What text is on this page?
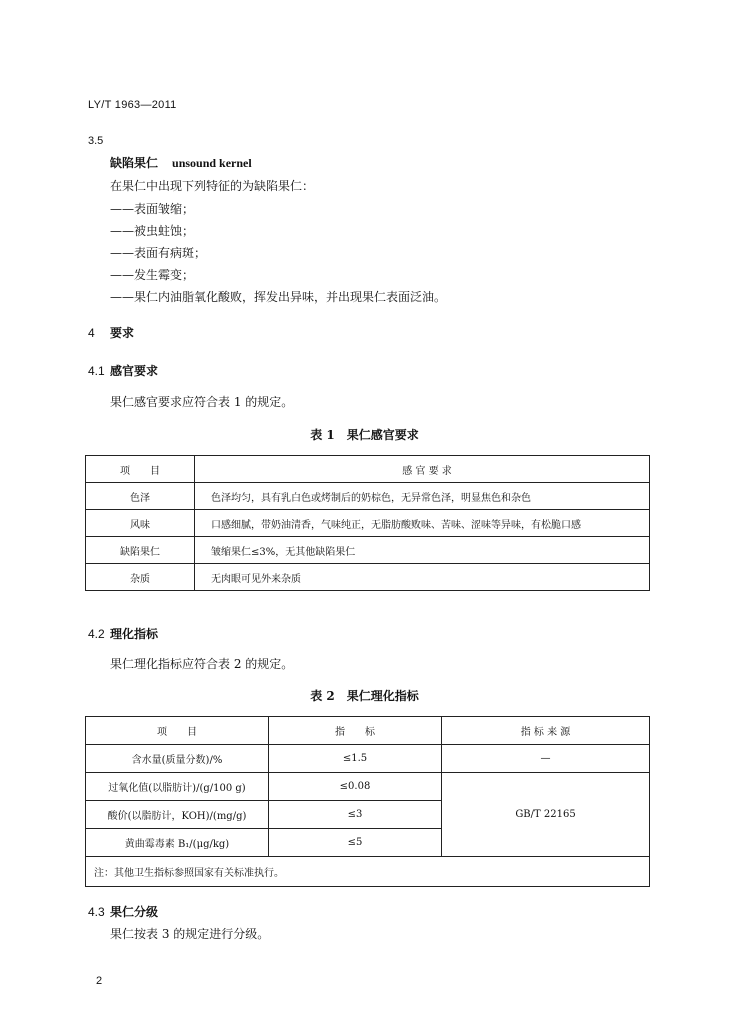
LY/T 1963—2011
3.5
缺陷果仁 unsound kernel
在果仁中出现下列特征的为缺陷果仁：
——表面皱缩；
——被虫蛀蚀；
——表面有病斑；
——发生霉变；
——果仁内油脂氧化酸败，挥发出异味，并出现果仁表面泛油。
4 要求
4.1 感官要求
果仁感官要求应符合表 1 的规定。
表 1　果仁感官要求
项　　目	感 官 要 求
色泽	色泽均匀，具有乳白色或烤制后的奶棕色，无异常色泽，明显焦色和杂色
风味	口感细腻，带奶油清香，气味纯正，无脂肪酸败味、苦味、涩味等异味，有松脆口感
缺陷果仁	皱缩果仁≤3%，无其他缺陷果仁
杂质	无肉眼可见外来杂质
4.2 理化指标
果仁理化指标应符合表 2 的规定。
表 2　果仁理化指标
项　　目	指　　标	指 标 来 源
含水量(质量分数)/%	≤1.5	—
过氧化值(以脂肪计)/(g/100 g)	≤0.08	GB/T 22165
酸价(以脂肪计，KOH)/(mg/g)	≤3	
黄曲霉毒素 B₁/(μg/kg)	≤5	
注：其他卫生指标参照国家有关标准执行。		
4.3 果仁分级
果仁按表 3 的规定进行分级。
2
